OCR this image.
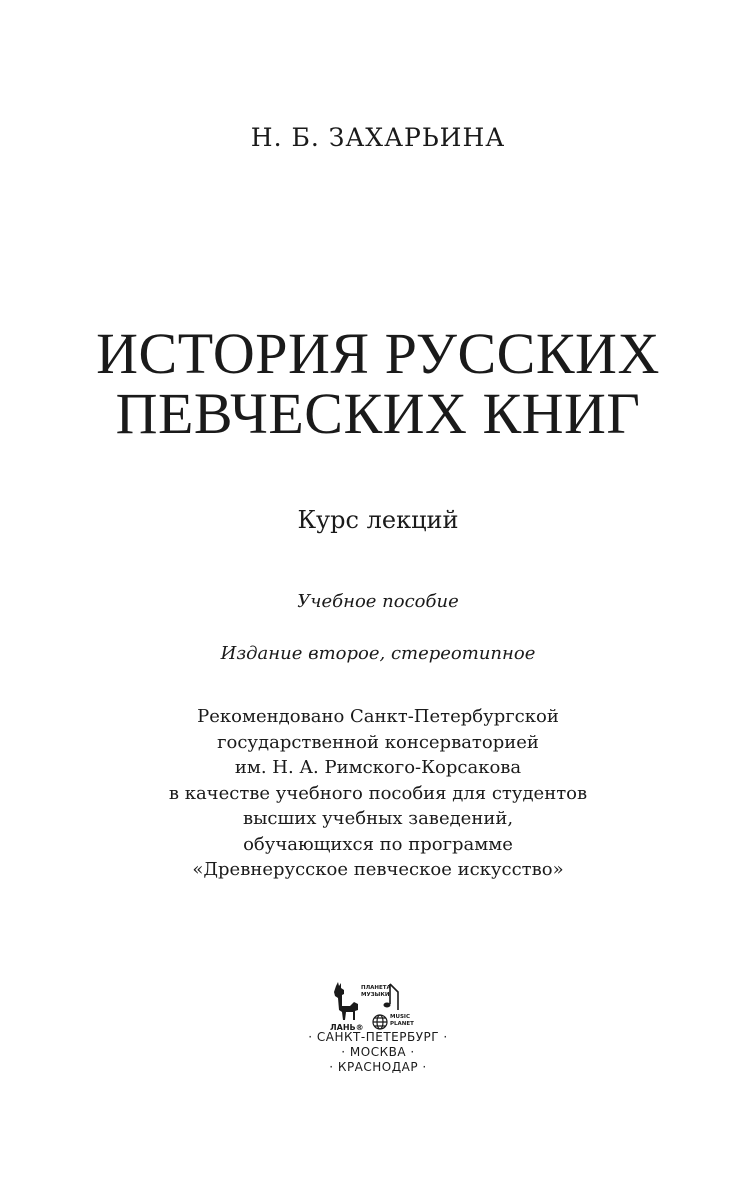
Н. Б. ЗАХАРЬИНА
ИСТОРИЯ РУССКИХ
ПЕВЧЕСКИХ КНИГ
Курс лекций
Учебное пособие
Издание второе, стереотипное
Рекомендовано Санкт-Петербургской
государственной консерваторией
им. Н. А. Римского-Корсакова
в качестве учебного пособия для студентов
высших учебных заведений,
обучающихся по программе
«Древнерусское певческое искусство»
ЛАНЬ®
ПЛАНЕТА
МУЗЫКИ
MUSIC
PLANET
· САНКТ-ПЕТЕРБУРГ ·
· МОСКВА ·
· КРАСНОДАР ·
